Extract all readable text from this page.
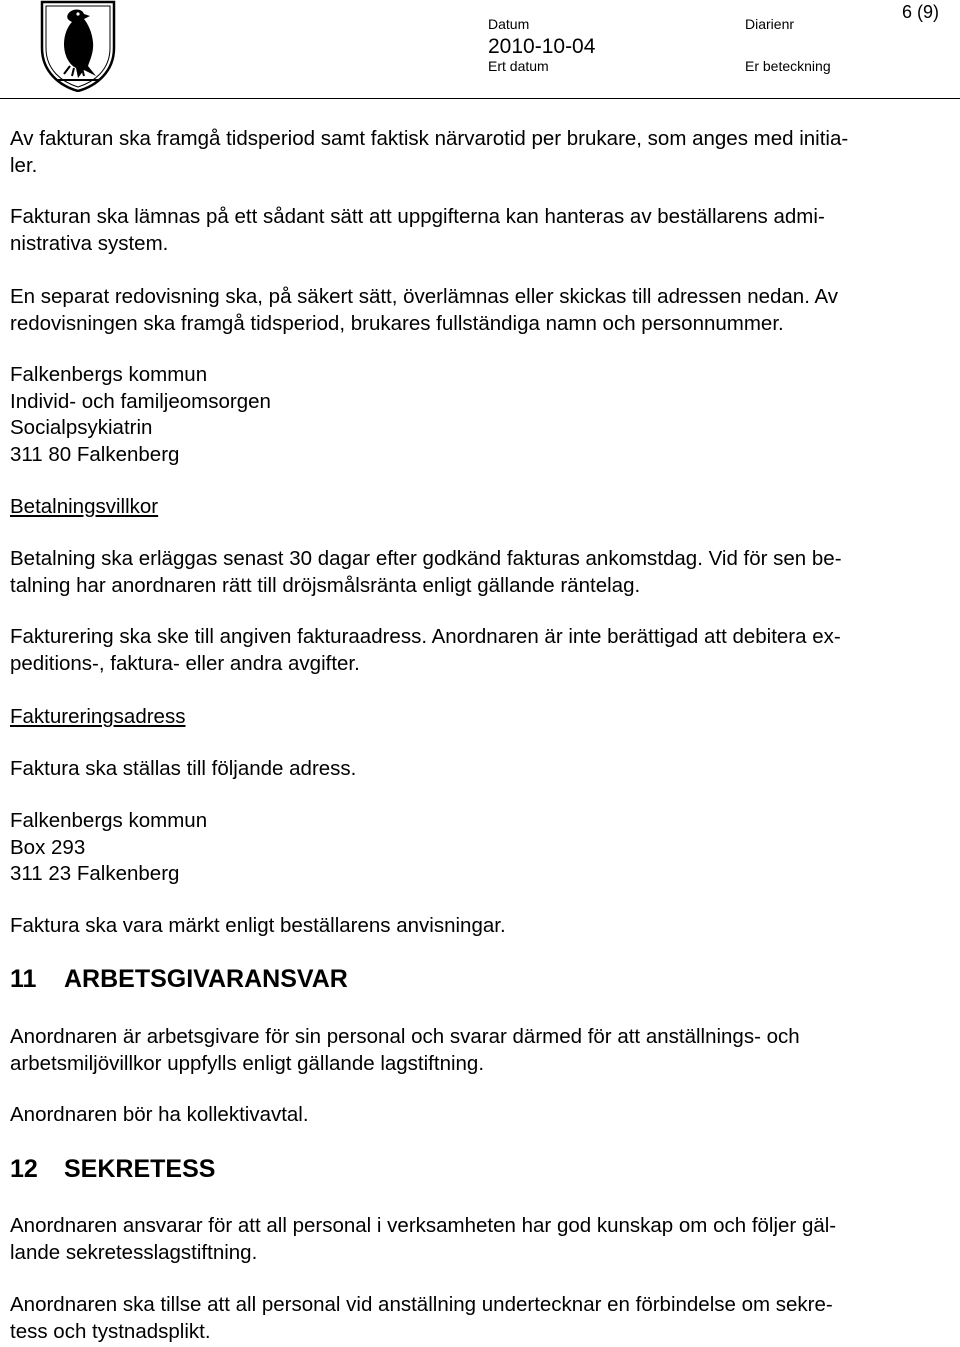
Datum
2010-10-04
Ert datum
Diarienr
Er beteckning
6 (9)
Av fakturan ska framgå tidsperiod samt faktisk närvarotid per brukare, som anges med initia-
ler.
Fakturan ska lämnas på ett sådant sätt att uppgifterna kan hanteras av beställarens admi-
nistrativa system.
En separat redovisning ska, på säkert sätt, överlämnas eller skickas till adressen nedan. Av
redovisningen ska framgå tidsperiod, brukares fullständiga namn och personnummer.
Falkenbergs kommun
Individ- och familjeomsorgen
Socialpsykiatrin
311 80 Falkenberg
Betalningsvillkor
Betalning ska erläggas senast 30 dagar efter godkänd fakturas ankomstdag. Vid för sen be-
talning har anordnaren rätt till dröjsmålsränta enligt gällande räntelag.
Fakturering ska ske till angiven fakturaadress. Anordnaren är inte berättigad att debitera ex-
peditions-, faktura- eller andra avgifter.
Faktureringsadress
Faktura ska ställas till följande adress.
Falkenbergs kommun
Box 293
311 23 Falkenberg
Faktura ska vara märkt enligt beställarens anvisningar.
11 ARBETSGIVARANSVAR
Anordnaren är arbetsgivare för sin personal och svarar därmed för att anställnings- och
arbetsmiljövillkor uppfylls enligt gällande lagstiftning.
Anordnaren bör ha kollektivavtal.
12 SEKRETESS
Anordnaren ansvarar för att all personal i verksamheten har god kunskap om och följer gäl-
lande sekretesslagstiftning.
Anordnaren ska tillse att all personal vid anställning undertecknar en förbindelse om sekre-
tess och tystnadsplikt.
